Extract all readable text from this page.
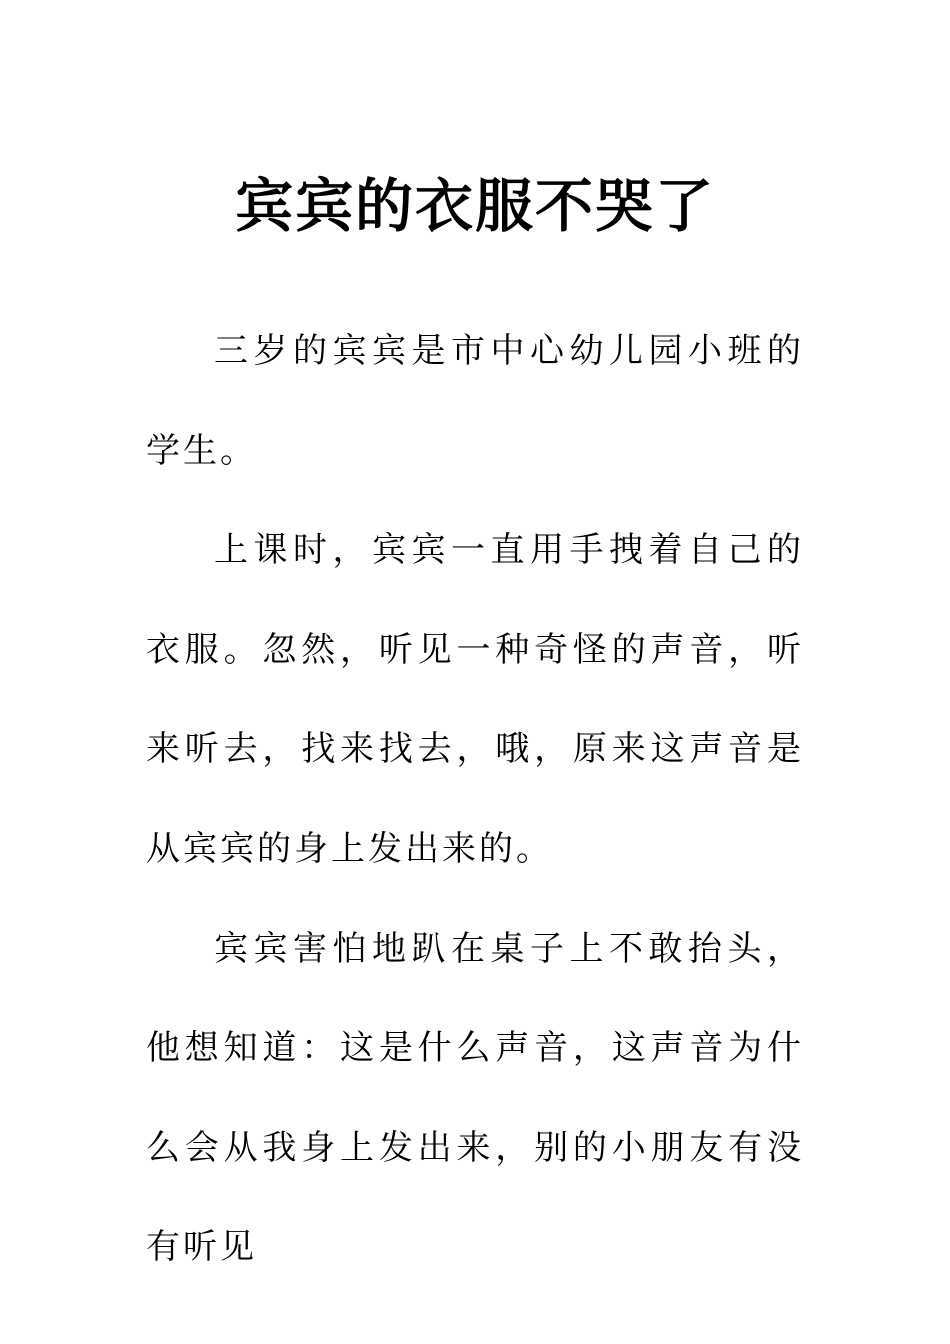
宾宾的衣服不哭了

三岁的宾宾是市中心幼儿园小班的学生。

上课时，宾宾一直用手拽着自己的衣服。忽然，听见一种奇怪的声音，听来听去，找来找去，哦，原来这声音是从宾宾的身上发出来的。

宾宾害怕地趴在桌子上不敢抬头，他想知道：这是什么声音，这声音为什么会从我身上发出来，别的小朋友有没有听见
